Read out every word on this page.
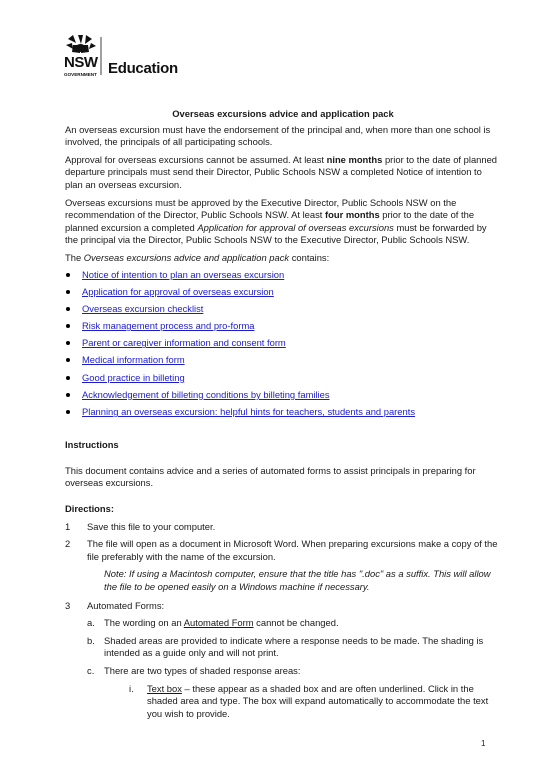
NSW
GOVERNMENT Education
Overseas excursions advice and application pack

An overseas excursion must have the endorsement of the principal and, when more than one school is involved, the principals of all participating schools.

Approval for overseas excursions cannot be assumed. At least nine months prior to the date of planned departure principals must send their Director, Public Schools NSW a completed Notice of intention to plan an overseas excursion.

Overseas excursions must be approved by the Executive Director, Public Schools NSW on the recommendation of the Director, Public Schools NSW. At least four months prior to the date of the planned excursion a completed Application for approval of overseas excursions must be forwarded by the principal via the Director, Public Schools NSW to the Executive Director, Public Schools NSW.

The Overseas excursions advice and application pack contains:

Notice of intention to plan an overseas excursion
Application for approval of overseas excursion
Overseas excursion checklist
Risk management process and pro-forma
Parent or caregiver information and consent form
Medical information form
Good practice in billeting
Acknowledgement of billeting conditions by billeting families
Planning an overseas excursion: helpful hints for teachers, students and parents
Instructions

This document contains advice and a series of automated forms to assist principals in preparing for overseas excursions.

Directions:
1	Save this file to your computer.
2	The file will open as a document in Microsoft Word. When preparing excursions make a copy of the file preferably with the name of the excursion.
Note: If using a Macintosh computer, ensure that the title has ".doc" as a suffix. This will allow the file to be opened easily on a Windows machine if necessary.
3	Automated Forms:
a. The wording on an Automated Form cannot be changed.
b. Shaded areas are provided to indicate where a response needs to be made. The shading is intended as a guide only and will not print.
c.	There are two types of shaded response areas:
i.	Text box – these appear as a shaded box and are often underlined. Click in the shaded area and type. The box will expand automatically to accommodate the text you wish to provide.
1
